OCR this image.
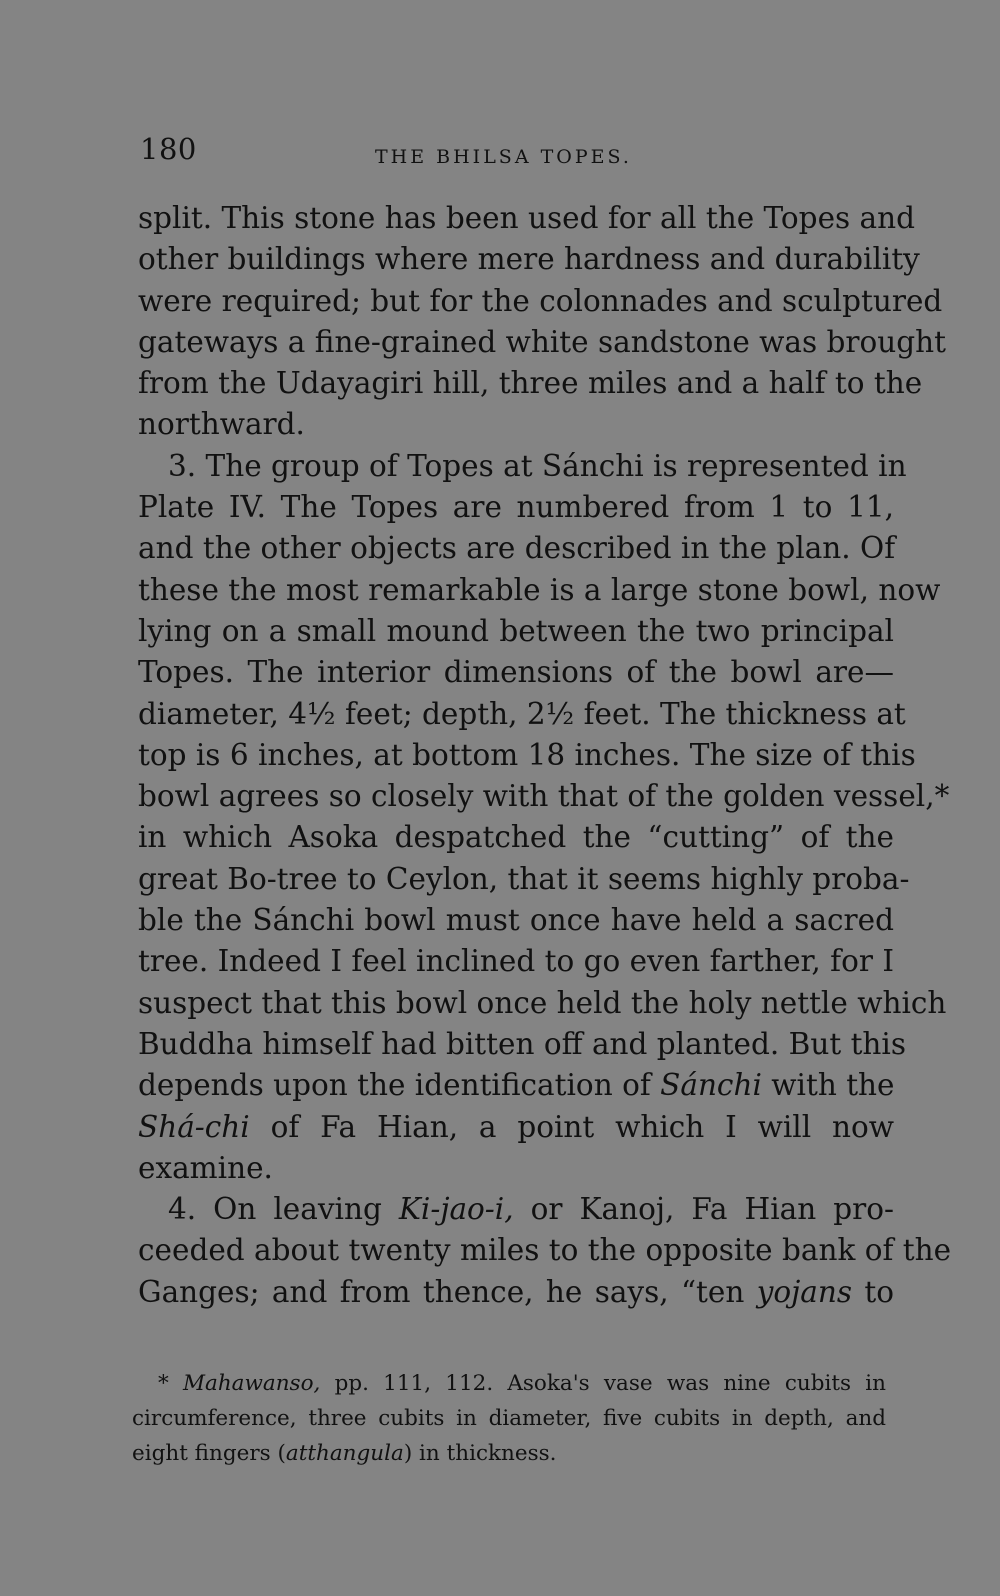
180	THE BHILSA TOPES.
split. This stone has been used for all the Topes and
other buildings where mere hardness and durability
were required; but for the colonnades and sculptured
gateways a fine-grained white sandstone was brought
from the Udayagiri hill, three miles and a half to the
northward.
3. The group of Topes at Sánchi is represented in
Plate IV. The Topes are numbered from 1 to 11,
and the other objects are described in the plan. Of
these the most remarkable is a large stone bowl, now
lying on a small mound between the two principal
Topes. The interior dimensions of the bowl are—
diameter, 4½ feet; depth, 2½ feet. The thickness at
top is 6 inches, at bottom 18 inches. The size of this
bowl agrees so closely with that of the golden vessel,*
in which Asoka despatched the “cutting” of the
great Bo-tree to Ceylon, that it seems highly proba-
ble the Sánchi bowl must once have held a sacred
tree. Indeed I feel inclined to go even farther, for I
suspect that this bowl once held the holy nettle which
Buddha himself had bitten off and planted. But this
depends upon the identification of Sánchi with the
Shá-chi of Fa Hian, a point which I will now
examine.
4. On leaving Ki-jao-i, or Kanoj, Fa Hian pro-
ceeded about twenty miles to the opposite bank of the
Ganges; and from thence, he says, “ten yojans to
* Mahawanso, pp. 111, 112. Asoka's vase was nine cubits in
circumference, three cubits in diameter, five cubits in depth, and
eight fingers (atthangula) in thickness.
